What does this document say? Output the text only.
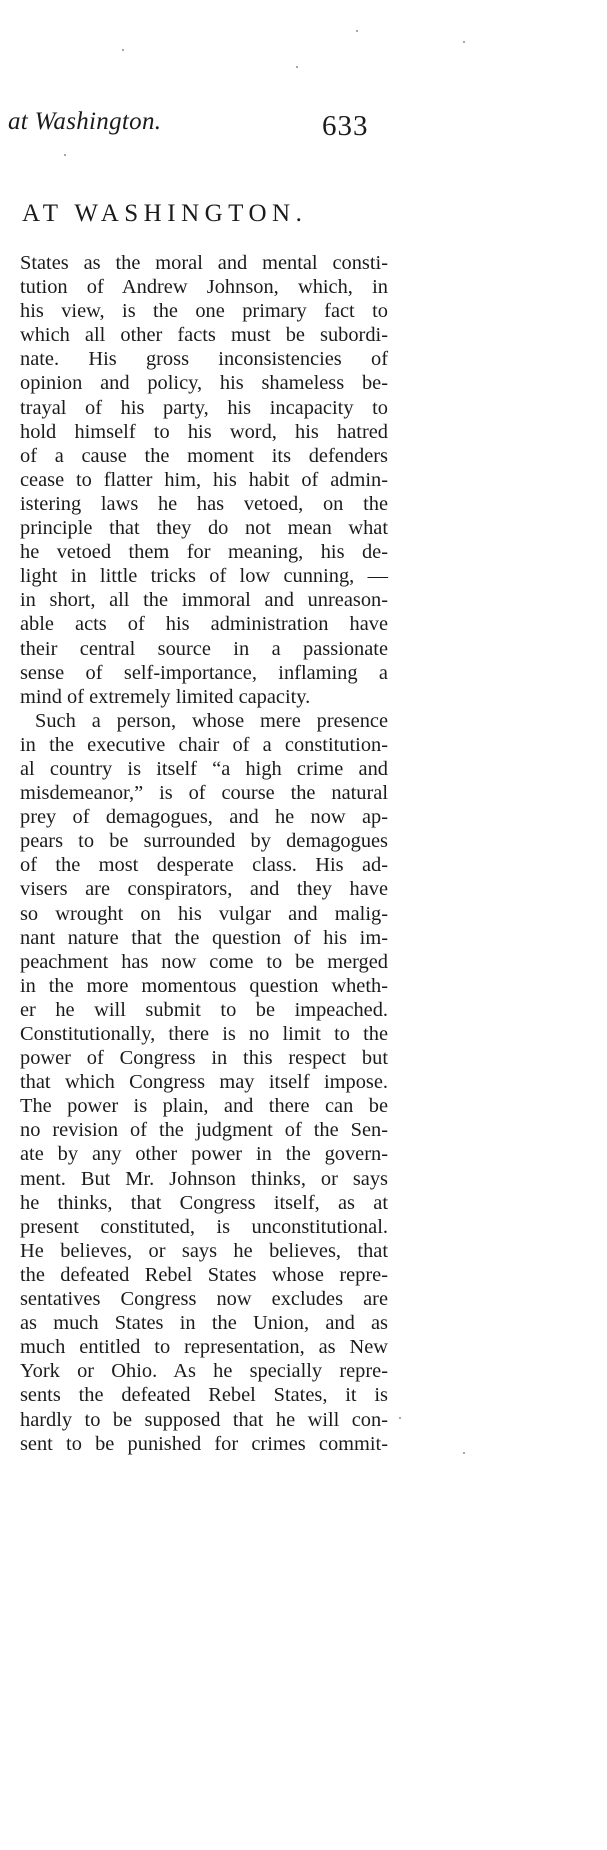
at Washington.	633
AT WASHINGTON.
States as the moral and mental consti-
tution of Andrew Johnson, which, in
his view, is the one primary fact to
which all other facts must be subordi-
nate. His gross inconsistencies of
opinion and policy, his shameless be-
trayal of his party, his incapacity to
hold himself to his word, his hatred
of a cause the moment its defenders
cease to flatter him, his habit of admin-
istering laws he has vetoed, on the
principle that they do not mean what
he vetoed them for meaning, his de-
light in little tricks of low cunning, —
in short, all the immoral and unreason-
able acts of his administration have
their central source in a passionate
sense of self-importance, inflaming a
mind of extremely limited capacity.
Such a person, whose mere presence
in the executive chair of a constitution-
al country is itself “a high crime and
misdemeanor,” is of course the natural
prey of demagogues, and he now ap-
pears to be surrounded by demagogues
of the most desperate class. His ad-
visers are conspirators, and they have
so wrought on his vulgar and malig-
nant nature that the question of his im-
peachment has now come to be merged
in the more momentous question wheth-
er he will submit to be impeached.
Constitutionally, there is no limit to the
power of Congress in this respect but
that which Congress may itself impose.
The power is plain, and there can be
no revision of the judgment of the Sen-
ate by any other power in the govern-
ment. But Mr. Johnson thinks, or says
he thinks, that Congress itself, as at
present constituted, is unconstitutional.
He believes, or says he believes, that
the defeated Rebel States whose repre-
sentatives Congress now excludes are
as much States in the Union, and as
much entitled to representation, as New
York or Ohio. As he specially repre-
sents the defeated Rebel States, it is
hardly to be supposed that he will con-
sent to be punished for crimes commit-
